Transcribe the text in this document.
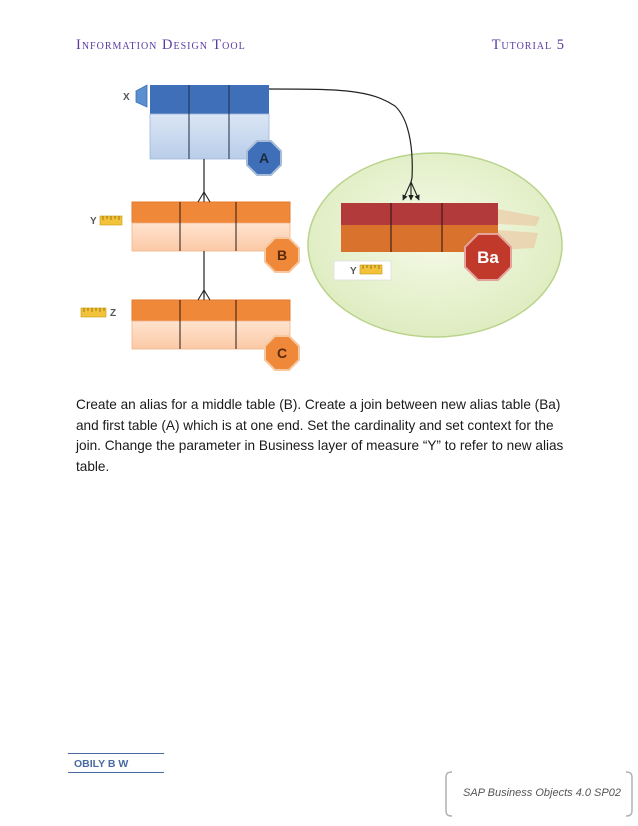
Information Design Tool	Tutorial 5
X
Y
Z
Y
A
B
C
Ba

Create an alias for a middle table (B). Create a join between new alias table (Ba) and first table (A) which is at one end. Set the cardinality and set context for the join. Change the parameter in Business layer of measure “Y” to refer to new alias table.

OBILY B W
SAP Business Objects 4.0 SP02
